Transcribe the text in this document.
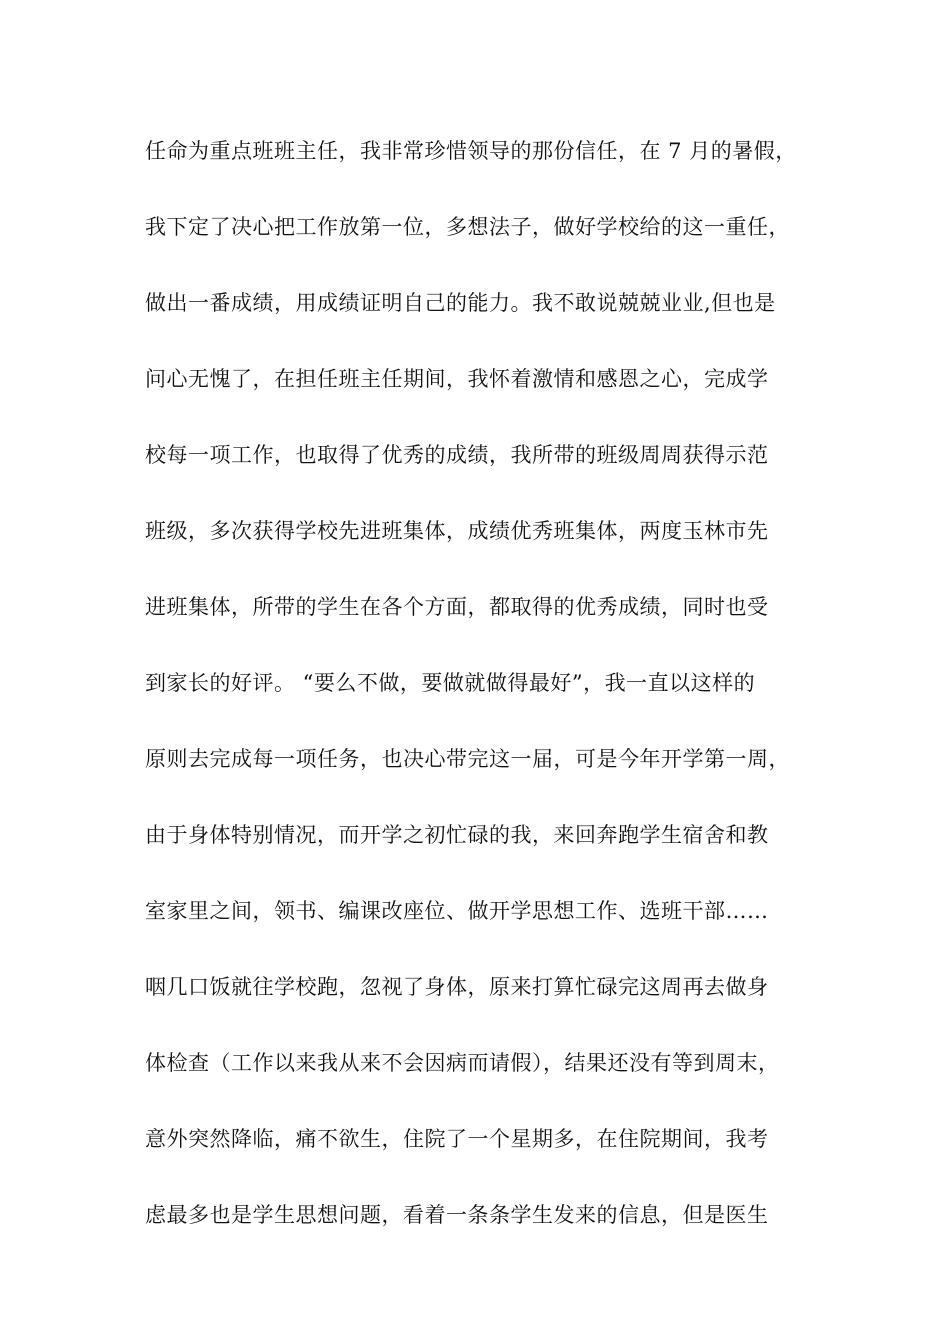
任命为重点班班主任，我非常珍惜领导的那份信任，在 7 月的暑假，
我下定了决心把工作放第一位，多想法子，做好学校给的这一重任，
做出一番成绩，用成绩证明自己的能力。我不敢说兢兢业业,但也是
问心无愧了，在担任班主任期间，我怀着激情和感恩之心，完成学
校每一项工作，也取得了优秀的成绩，我所带的班级周周获得示范
班级，多次获得学校先进班集体，成绩优秀班集体，两度玉林市先
进班集体，所带的学生在各个方面，都取得的优秀成绩，同时也受
到家长的好评。 “要么不做，要做就做得最好”，我一直以这样的
原则去完成每一项任务，也决心带完这一届，可是今年开学第一周，
由于身体特别情况，而开学之初忙碌的我，来回奔跑学生宿舍和教
室家里之间，领书、编课改座位、做开学思想工作、选班干部……
咽几口饭就往学校跑，忽视了身体，原来打算忙碌完这周再去做身
体检查（工作以来我从来不会因病而请假），结果还没有等到周末，
意外突然降临，痛不欲生，住院了一个星期多，在住院期间，我考
虑最多也是学生思想问题，看着一条条学生发来的信息，但是医生
